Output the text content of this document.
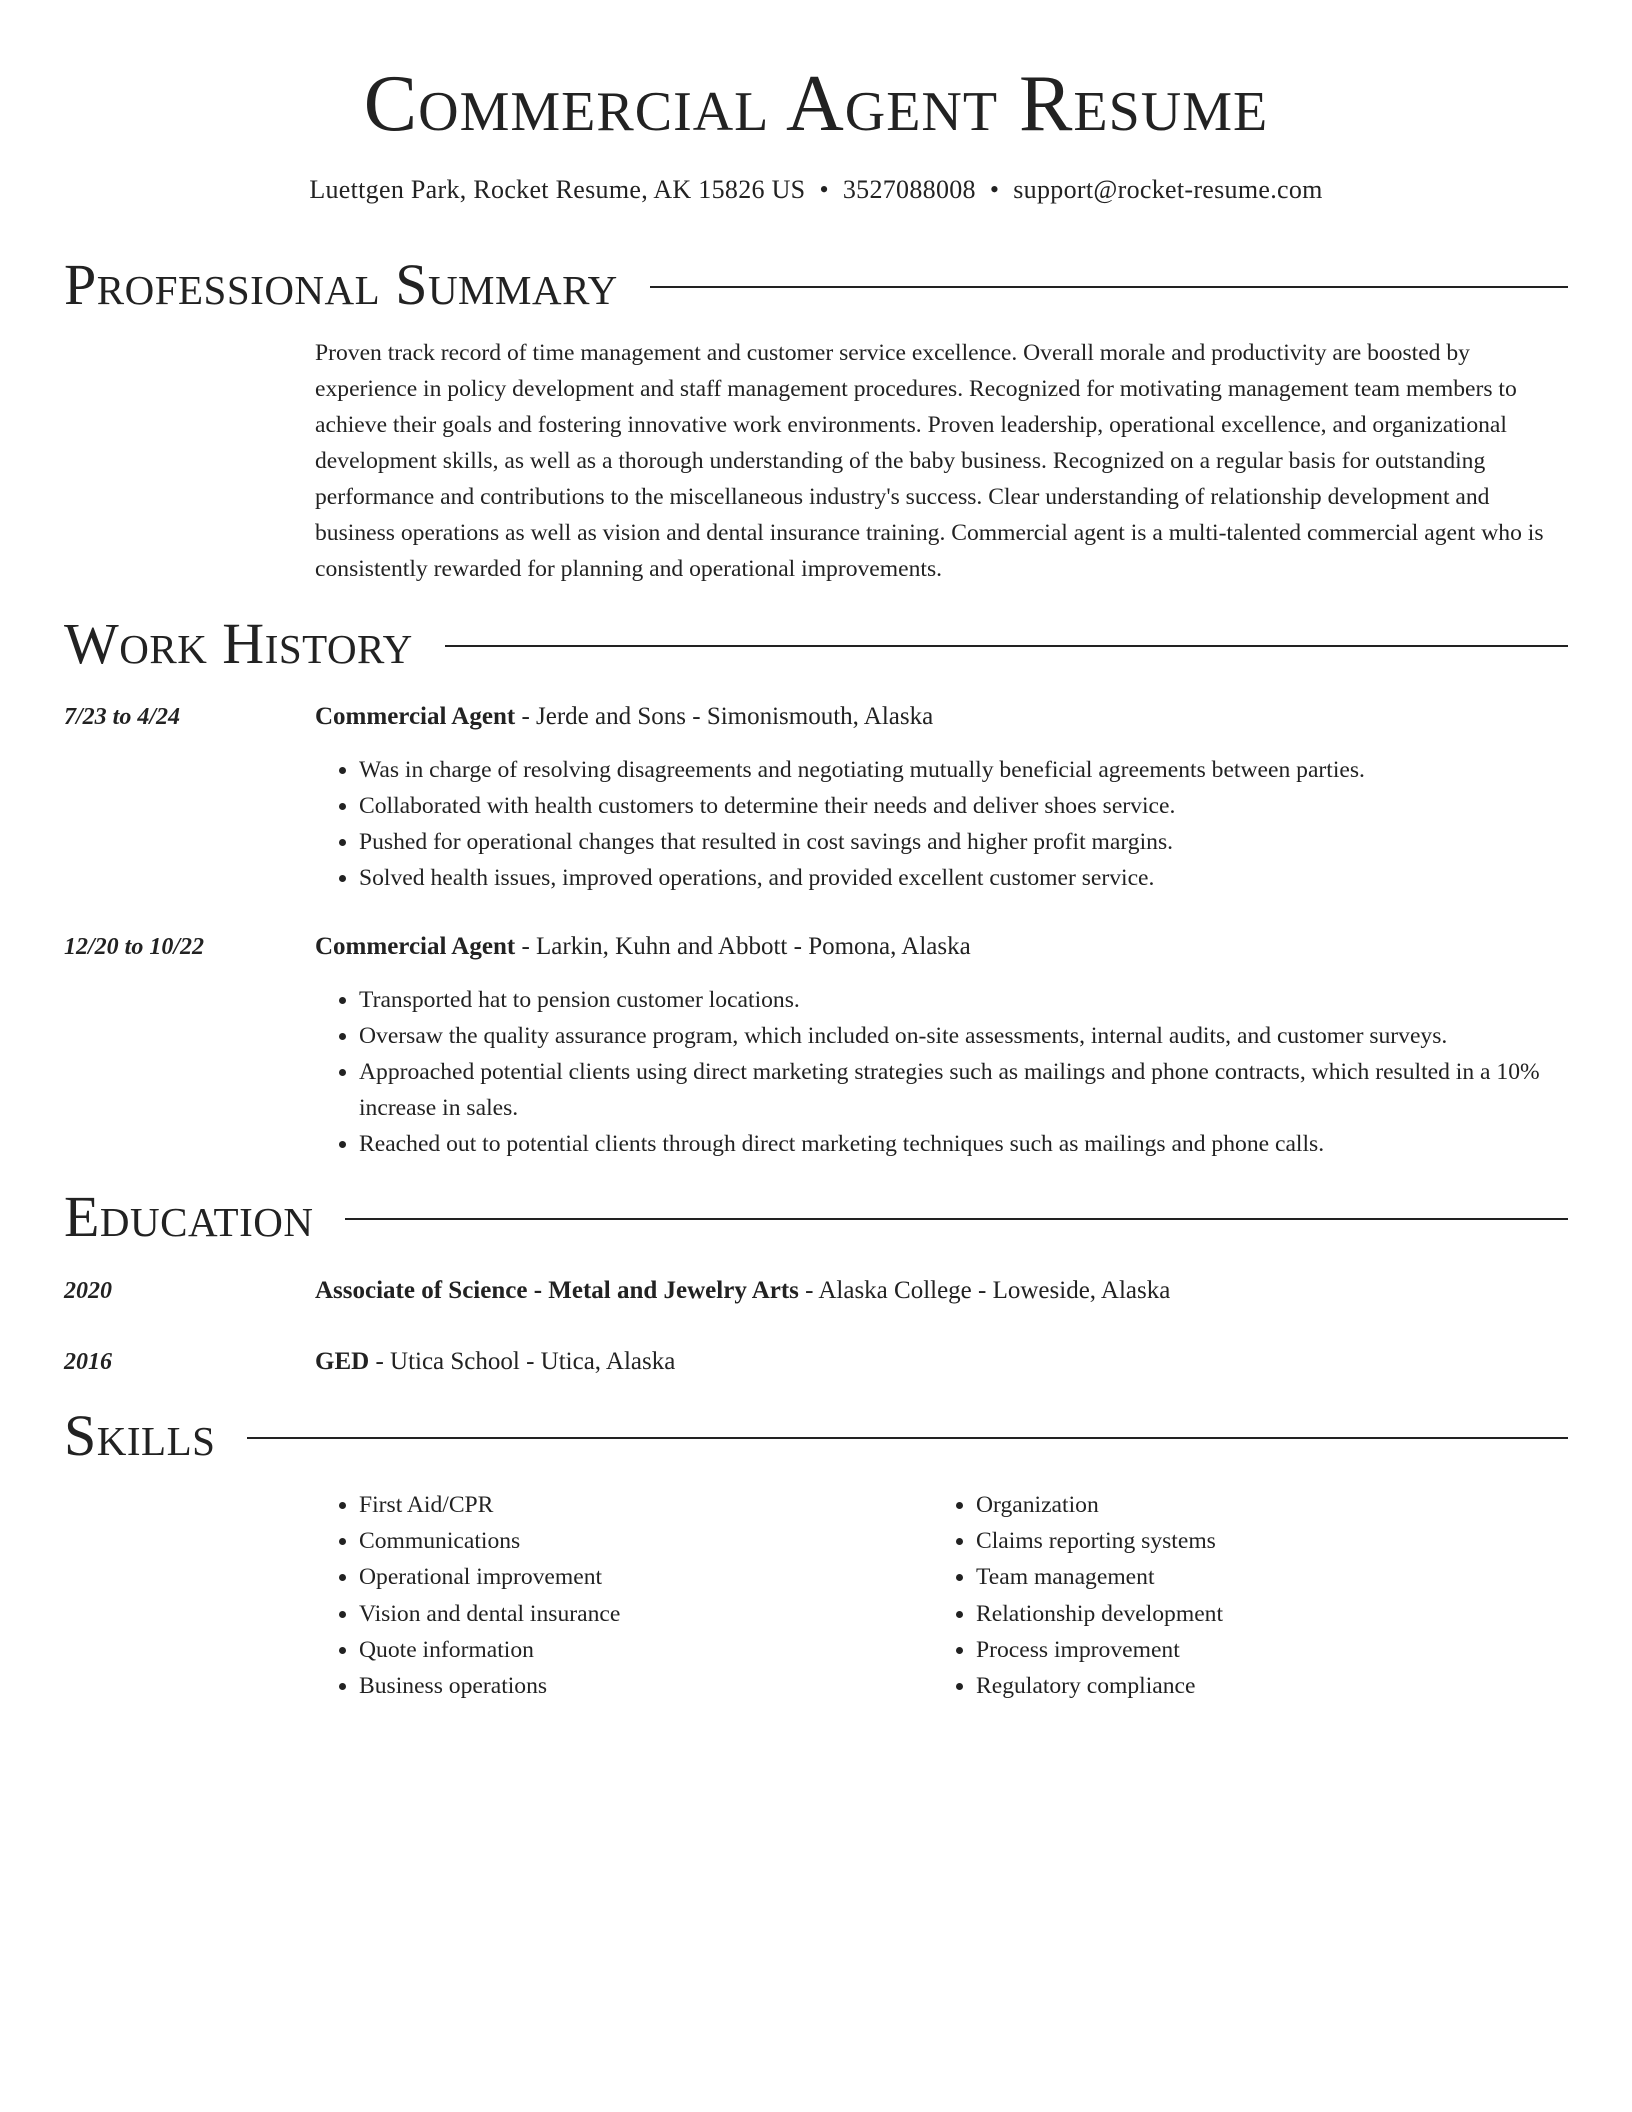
Commercial Agent Resume
Luettgen Park, Rocket Resume, AK 15826 US • 3527088008 • support@rocket-resume.com
Professional Summary

Proven track record of time management and customer service excellence. Overall morale and productivity are boosted by experience in policy development and staff management procedures. Recognized for motivating management team members to achieve their goals and fostering innovative work environments. Proven leadership, operational excellence, and organizational development skills, as well as a thorough understanding of the baby business. Recognized on a regular basis for outstanding performance and contributions to the miscellaneous industry's success. Clear understanding of relationship development and business operations as well as vision and dental insurance training. Commercial agent is a multi-talented commercial agent who is consistently rewarded for planning and operational improvements.

Work History
7/23 to 4/24	Commercial Agent - Jerde and Sons - Simonismouth, Alaska
• Was in charge of resolving disagreements and negotiating mutually beneficial agreements between parties.
• Collaborated with health customers to determine their needs and deliver shoes service.
• Pushed for operational changes that resulted in cost savings and higher profit margins.
• Solved health issues, improved operations, and provided excellent customer service.
12/20 to 10/22	Commercial Agent - Larkin, Kuhn and Abbott - Pomona, Alaska
• Transported hat to pension customer locations.
• Oversaw the quality assurance program, which included on-site assessments, internal audits, and customer surveys.
• Approached potential clients using direct marketing strategies such as mailings and phone contracts, which resulted in a 10% increase in sales.
• Reached out to potential clients through direct marketing techniques such as mailings and phone calls.
Education
2020	Associate of Science - Metal and Jewelry Arts - Alaska College - Loweside, Alaska
2016	GED - Utica School - Utica, Alaska
Skills
• First Aid/CPR
• Communications
• Operational improvement
• Vision and dental insurance
• Quote information
• Business operations
• Organization
• Claims reporting systems
• Team management
• Relationship development
• Process improvement
• Regulatory compliance
